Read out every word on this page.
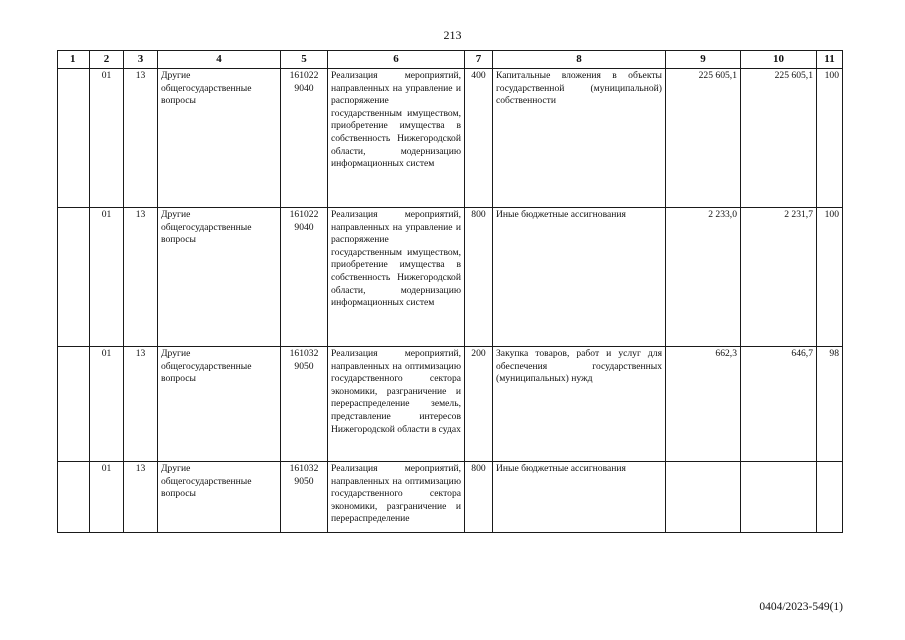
213
1	2	3	4	5	6	7	8	9	10	11
	01	13	Другие общегосударственные вопросы	161022 9040	Реализация мероприятий, направленных на управление и распоряжение государственным имуществом, приобретение имущества в собственность Нижегородской области, модернизацию информационных систем	400	Капитальные вложения в объекты государственной (муниципальной) собственности	225 605,1	225 605,1	100
	01	13	Другие общегосударственные вопросы	161022 9040	Реализация мероприятий, направленных на управление и распоряжение государственным имуществом, приобретение имущества в собственность Нижегородской области, модернизацию информационных систем	800	Иные бюджетные ассигнования	2 233,0	2 231,7	100
	01	13	Другие общегосударственные вопросы	161032 9050	Реализация мероприятий, направленных на оптимизацию государственного сектора экономики, разграничение и перераспределение земель, представление интересов Нижегородской области в судах	200	Закупка товаров, работ и услуг для обеспечения государственных (муниципальных) нужд	662,3	646,7	98
	01	13	Другие общегосударственные вопросы	161032 9050	Реализация мероприятий, направленных на оптимизацию государственного сектора экономики, разграничение и перераспределение	800	Иные бюджетные ассигнования			
0404/2023-549(1)
